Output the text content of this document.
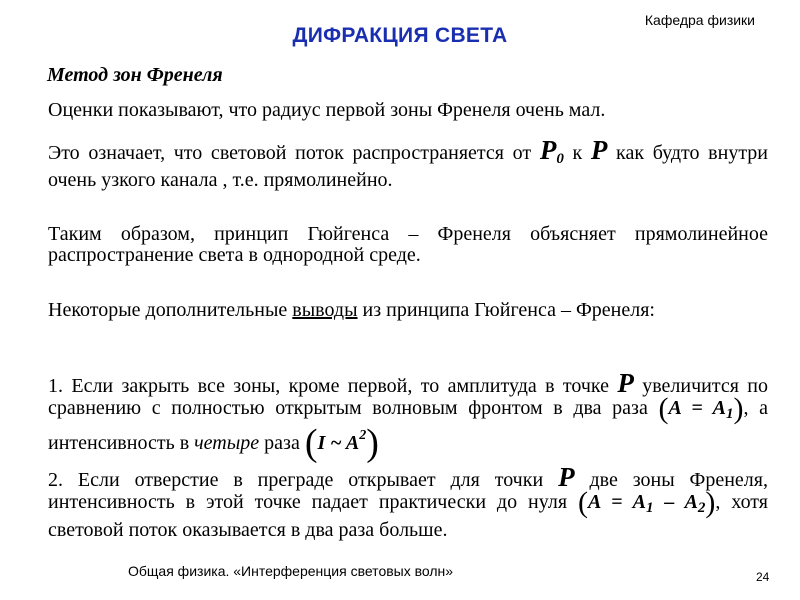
Кафедра физики
ДИФРАКЦИЯ СВЕТА
Метод зон Френеля
Оценки показывают, что радиус первой зоны Френеля очень мал.
Это означает, что световой поток распространяется от $P_0$ к P как будто внутри очень узкого канала , т.е. прямолинейно.
Таким образом, принцип Гюйгенса – Френеля объясняет прямолинейное распространение света в однородной среде.
Некоторые дополнительные выводы из принципа Гюйгенса – Френеля:
1. Если закрыть все зоны, кроме первой, то амплитуда в точке P увеличится по сравнению с полностью открытым волновым фронтом в два раза $(A = A_1)$, а интенсивность в четыре раза (I ~ $A^2$)
2. Если отверстие в преграде открывает для точки P две зоны Френеля, интенсивность в этой точке падает практически до нуля $(A = A_1 - A_2)$, хотя световой поток оказывается в два раза больше.
Общая физика. «Интерференция световых волн»	24
